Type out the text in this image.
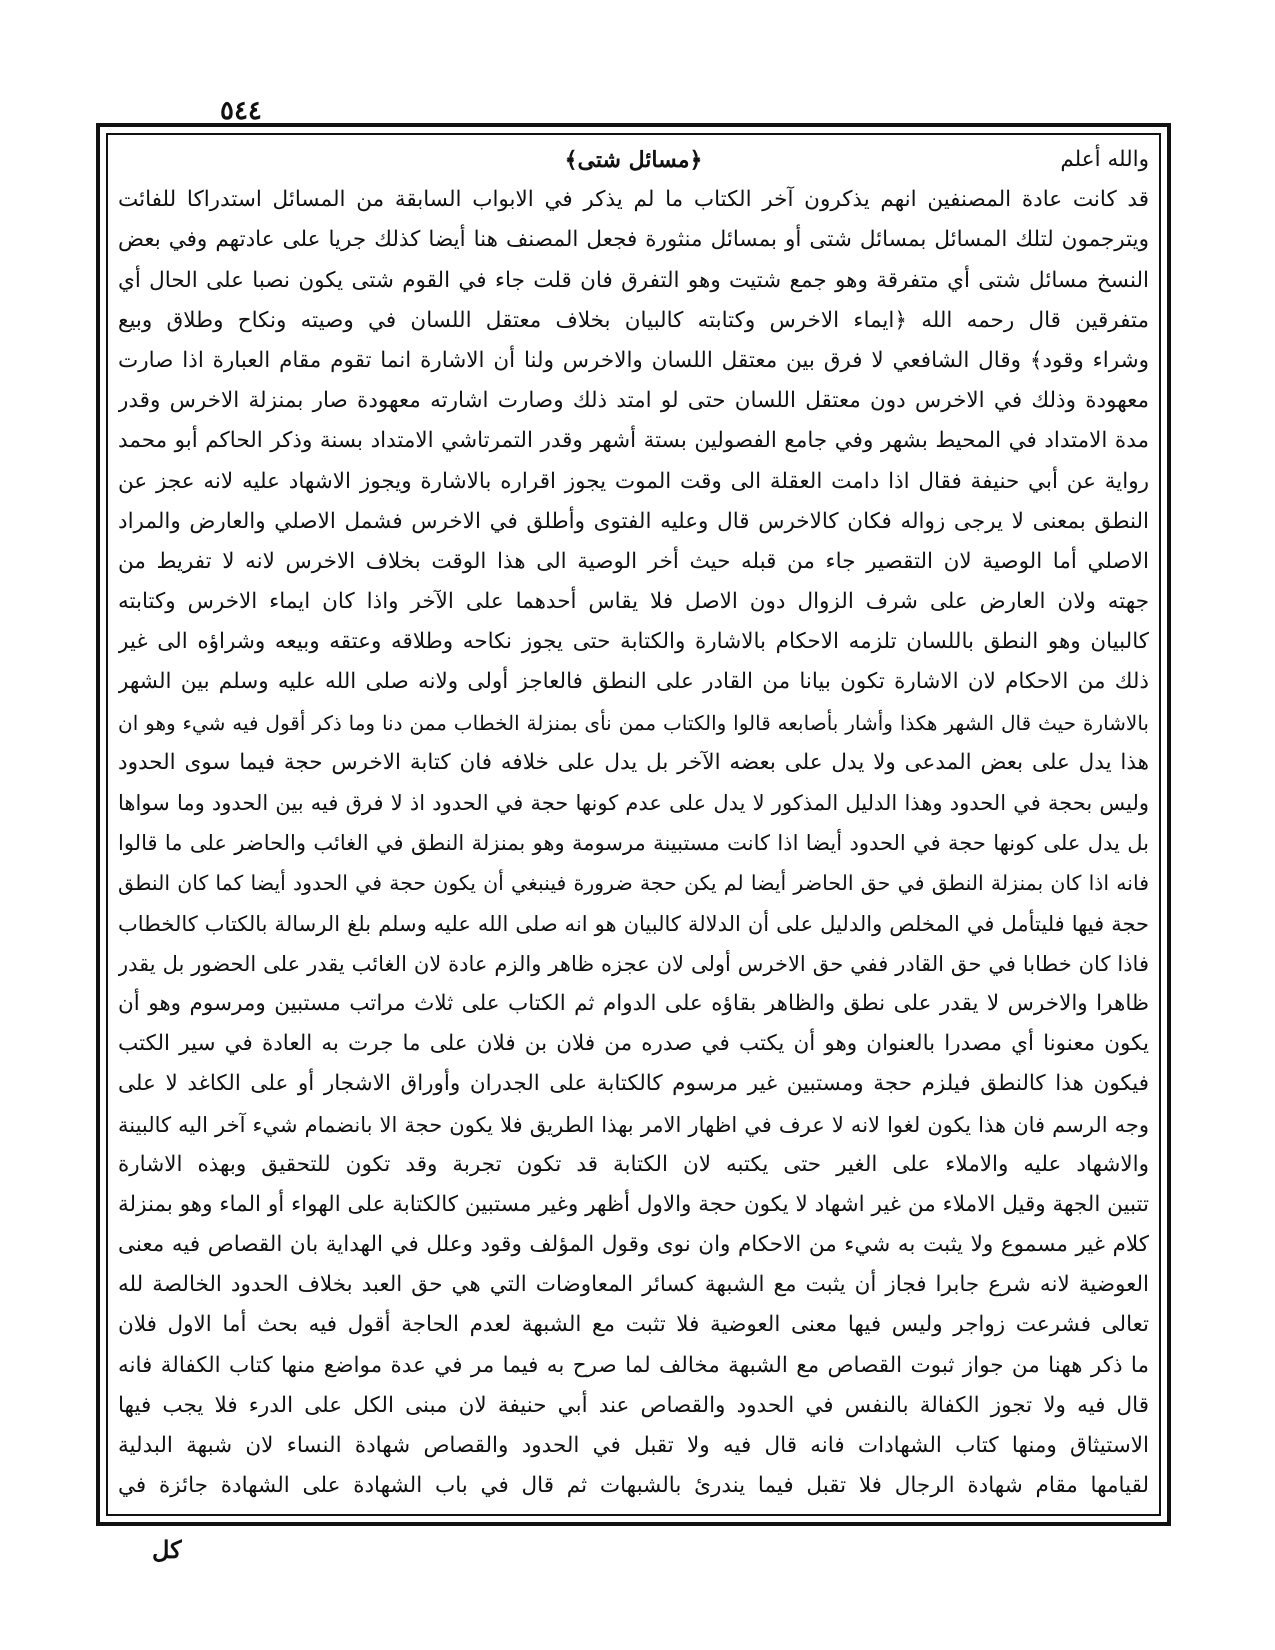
٥٤٤
والله أعلم
﴿مسائل شتى﴾
قد كانت عادة المصنفين انهم يذكرون آخر الكتاب ما لم يذكر في الابواب السابقة من المسائل استدراكا للفائت
ويترجمون لتلك المسائل بمسائل شتى أو بمسائل منثورة فجعل المصنف هنا أيضا كذلك جريا على عادتهم وفي بعض
النسخ مسائل شتى أي متفرقة وهو جمع شتيت وهو التفرق فان قلت جاء في القوم شتى يكون نصبا على الحال أي
متفرقين قال رحمه الله ﴿ايماء الاخرس وكتابته كالبيان بخلاف معتقل اللسان في وصيته ونكاح وطلاق وبيع
وشراء وقود﴾ وقال الشافعي لا فرق بين معتقل اللسان والاخرس ولنا أن الاشارة انما تقوم مقام العبارة اذا صارت
معهودة وذلك في الاخرس دون معتقل اللسان حتى لو امتد ذلك وصارت اشارته معهودة صار بمنزلة الاخرس وقدر
مدة الامتداد في المحيط بشهر وفي جامع الفصولين بستة أشهر وقدر التمرتاشي الامتداد بسنة وذكر الحاكم أبو محمد
رواية عن أبي حنيفة فقال اذا دامت العقلة الى وقت الموت يجوز اقراره بالاشارة ويجوز الاشهاد عليه لانه عجز عن
النطق بمعنى لا يرجى زواله فكان كالاخرس قال وعليه الفتوى وأطلق في الاخرس فشمل الاصلي والعارض والمراد
الاصلي أما الوصية لان التقصير جاء من قبله حيث أخر الوصية الى هذا الوقت بخلاف الاخرس لانه لا تفريط من
جهته ولان العارض على شرف الزوال دون الاصل فلا يقاس أحدهما على الآخر واذا كان ايماء الاخرس وكتابته
كالبيان وهو النطق باللسان تلزمه الاحكام بالاشارة والكتابة حتى يجوز نكاحه وطلاقه وعتقه وبيعه وشراؤه الى غير
ذلك من الاحكام لان الاشارة تكون بيانا من القادر على النطق فالعاجز أولى ولانه صلى الله عليه وسلم بين الشهر
بالاشارة حيث قال الشهر هكذا وأشار بأصابعه قالوا والكتاب ممن نأى بمنزلة الخطاب ممن دنا وما ذكر أقول فيه شيء وهو ان
هذا يدل على بعض المدعى ولا يدل على بعضه الآخر بل يدل على خلافه فان كتابة الاخرس حجة فيما سوى الحدود
وليس بحجة في الحدود وهذا الدليل المذكور لا يدل على عدم كونها حجة في الحدود اذ لا فرق فيه بين الحدود وما سواها
بل يدل على كونها حجة في الحدود أيضا اذا كانت مستبينة مرسومة وهو بمنزلة النطق في الغائب والحاضر على ما قالوا
فانه اذا كان بمنزلة النطق في حق الحاضر أيضا لم يكن حجة ضرورة فينبغي أن يكون حجة في الحدود أيضا كما كان النطق
حجة فيها فليتأمل في المخلص والدليل على أن الدلالة كالبيان هو انه صلى الله عليه وسلم بلغ الرسالة بالكتاب كالخطاب
فاذا كان خطابا في حق القادر ففي حق الاخرس أولى لان عجزه ظاهر والزم عادة لان الغائب يقدر على الحضور بل يقدر
ظاهرا والاخرس لا يقدر على نطق والظاهر بقاؤه على الدوام ثم الكتاب على ثلاث مراتب مستبين ومرسوم وهو أن
يكون معنونا أي مصدرا بالعنوان وهو أن يكتب في صدره من فلان بن فلان على ما جرت به العادة في سير الكتب
فيكون هذا كالنطق فيلزم حجة ومستبين غير مرسوم كالكتابة على الجدران وأوراق الاشجار أو على الكاغد لا على
وجه الرسم فان هذا يكون لغوا لانه لا عرف في اظهار الامر بهذا الطريق فلا يكون حجة الا بانضمام شيء آخر اليه كالبينة
والاشهاد عليه والاملاء على الغير حتى يكتبه لان الكتابة قد تكون تجربة وقد تكون للتحقيق وبهذه الاشارة
تتبين الجهة وقيل الاملاء من غير اشهاد لا يكون حجة والاول أظهر وغير مستبين كالكتابة على الهواء أو الماء وهو بمنزلة
كلام غير مسموع ولا يثبت به شيء من الاحكام وان نوى وقول المؤلف وقود وعلل في الهداية بان القصاص فيه معنى
العوضية لانه شرع جابرا فجاز أن يثبت مع الشبهة كسائر المعاوضات التي هي حق العبد بخلاف الحدود الخالصة لله
تعالى فشرعت زواجر وليس فيها معنى العوضية فلا تثبت مع الشبهة لعدم الحاجة أقول فيه بحث أما الاول فلان
ما ذكر ههنا من جواز ثبوت القصاص مع الشبهة مخالف لما صرح به فيما مر في عدة مواضع منها كتاب الكفالة فانه
قال فيه ولا تجوز الكفالة بالنفس في الحدود والقصاص عند أبي حنيفة لان مبنى الكل على الدرء فلا يجب فيها
الاستيثاق ومنها كتاب الشهادات فانه قال فيه ولا تقبل في الحدود والقصاص شهادة النساء لان شبهة البدلية
لقيامها مقام شهادة الرجال فلا تقبل فيما يندرئ بالشبهات ثم قال في باب الشهادة على الشهادة جائزة في
كل
